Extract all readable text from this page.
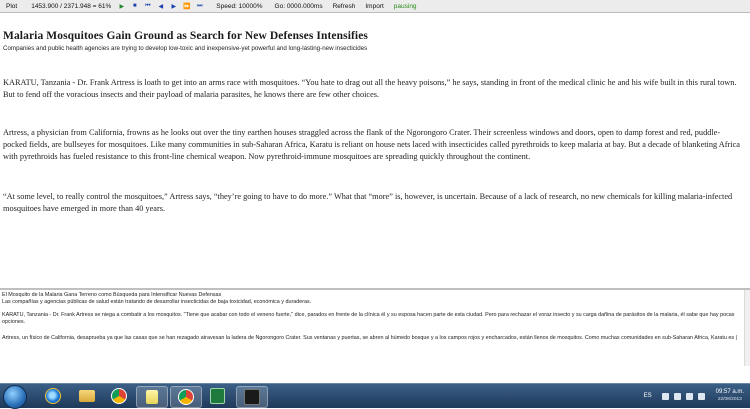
Plot 1453.900 / 2371.948 = 61%	▶	■	⏮	◀	▶	⏩ ⏭ Speed: 10000% Go: 0000.000ms Refresh Import pausing
Malaria Mosquitoes Gain Ground as Search for New Defenses Intensifies
Companies and public health agencies are trying to develop low-toxic and inexpensive-yet powerful and long-lasting-new insecticides
KARATU, Tanzania - Dr. Frank Artress is loath to get into an arms race with mosquitoes. “You hate to drag out all the heavy poisons,” he says, standing in front of the medical clinic he and his wife built in this rural town. But to fend off the voracious insects and their payload of malaria parasites, he knows there are few other choices.
Artress, a physician from California, frowns as he looks out over the tiny earthen houses straggled across the flank of the Ngorongoro Crater. Their screenless windows and doors, open to damp forest and red, puddle-pocked fields, are bullseyes for mosquitoes. Like many communities in sub-Saharan Africa, Karatu is reliant on house nets laced with insecticides called pyrethroids to keep malaria at bay. But a decade of blanketing Africa with pyrethroids has fueled resistance to this front-line chemical weapon. Now pyrethroid-immune mosquitoes are spreading quickly throughout the continent.
“At some level, to really control the mosquitoes,” Artress says, “they’re going to have to do more.” What that “more” is, however, is uncertain. Because of a lack of research, no new chemicals for killing malaria-infected mosquitoes have emerged in more than 40 years.
El Mosquito de la Malaria Gana Terreno como Búsqueda para Intensificar Nuevas Defensas
Las compañías y agencias públicas de salud están tratando de desarrollar insecticidas de baja toxicidad, económica y duraderas.
KARATU, Tanzania - Dr. Frank Artress se niega a combatir a los mosquitos. "Tiene que acabar con todo el veneno fuerte," dice, parados en frente de la clínica él y su esposa hacen parte de esta ciudad. Pero para rechazar el voraz insecto y su carga dañina de parásitos de la malaria, él sabe que hay pocas opciones.
Artress, un físico de California, desaprueba ya que las casas que se han rezagado atravesan la ladera de Ngorongoro Crater. Sus ventanas y puertas, se abren al húmedo bosque y a los campos rojos y encharcados, están llenos de mosquitos. Como muchas comunidades en sub-Saharan Africa, Karatu es |
ES
09:57 a.m.
22/08/2013
